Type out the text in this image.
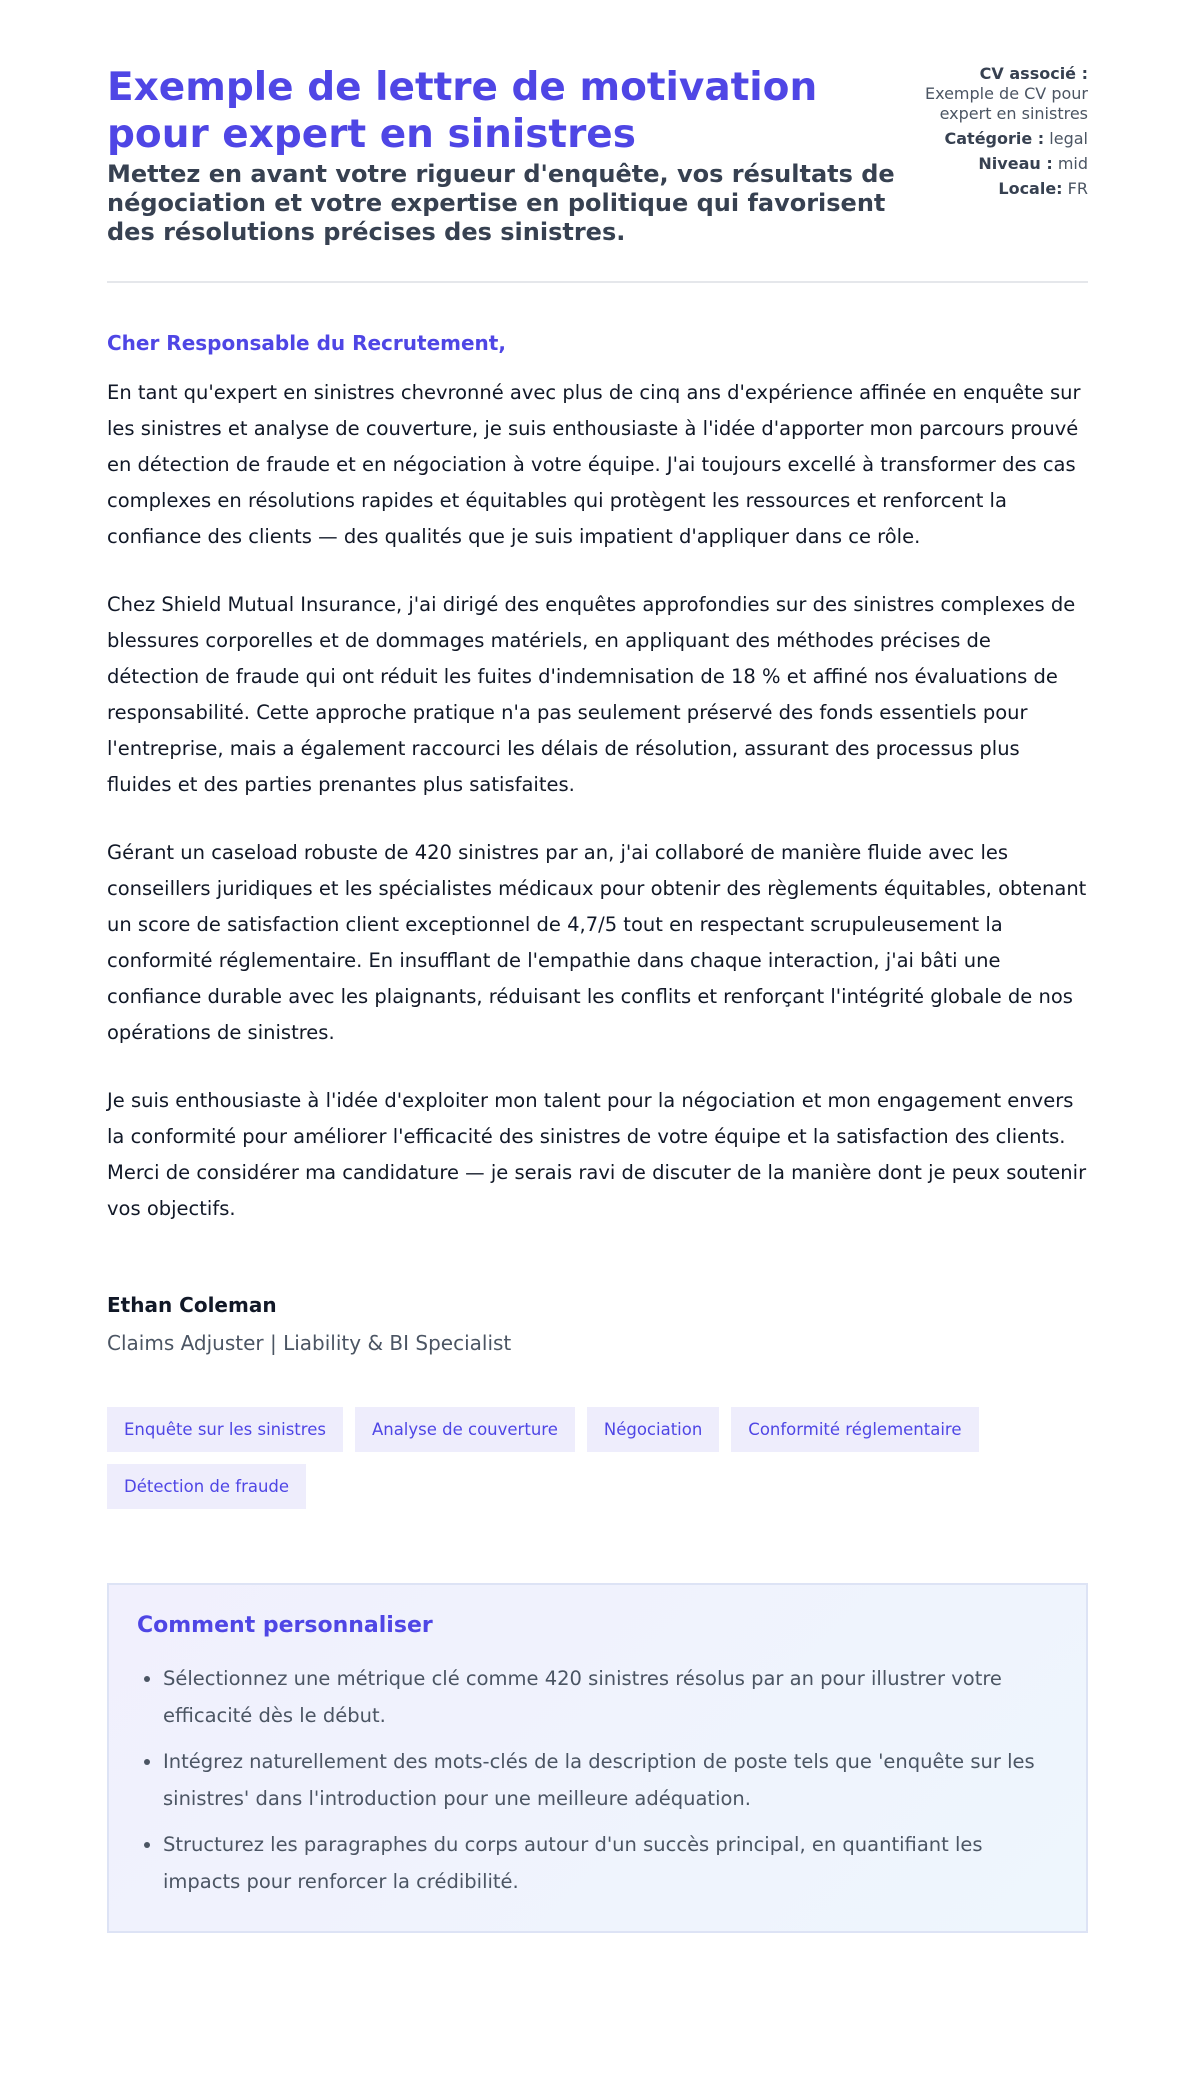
Exemple de lettre de motivation pour expert en sinistres
Mettez en avant votre rigueur d'enquête, vos résultats de négociation et votre expertise en politique qui favorisent des résolutions précises des sinistres.
CV associé :
Exemple de CV pour expert en sinistres
Catégorie : legal
Niveau : mid
Locale: FR
Cher Responsable du Recrutement,

En tant qu'expert en sinistres chevronné avec plus de cinq ans d'expérience affinée en enquête sur les sinistres et analyse de couverture, je suis enthousiaste à l'idée d'apporter mon parcours prouvé en détection de fraude et en négociation à votre équipe. J'ai toujours excellé à transformer des cas complexes en résolutions rapides et équitables qui protègent les ressources et renforcent la confiance des clients — des qualités que je suis impatient d'appliquer dans ce rôle.

Chez Shield Mutual Insurance, j'ai dirigé des enquêtes approfondies sur des sinistres complexes de blessures corporelles et de dommages matériels, en appliquant des méthodes précises de détection de fraude qui ont réduit les fuites d'indemnisation de 18 % et affiné nos évaluations de responsabilité. Cette approche pratique n'a pas seulement préservé des fonds essentiels pour l'entreprise, mais a également raccourci les délais de résolution, assurant des processus plus fluides et des parties prenantes plus satisfaites.

Gérant un caseload robuste de 420 sinistres par an, j'ai collaboré de manière fluide avec les conseillers juridiques et les spécialistes médicaux pour obtenir des règlements équitables, obtenant un score de satisfaction client exceptionnel de 4,7/5 tout en respectant scrupuleusement la conformité réglementaire. En insufflant de l'empathie dans chaque interaction, j'ai bâti une confiance durable avec les plaignants, réduisant les conflits et renforçant l'intégrité globale de nos opérations de sinistres.

Je suis enthousiaste à l'idée d'exploiter mon talent pour la négociation et mon engagement envers la conformité pour améliorer l'efficacité des sinistres de votre équipe et la satisfaction des clients. Merci de considérer ma candidature — je serais ravi de discuter de la manière dont je peux soutenir vos objectifs.

Ethan Coleman
Claims Adjuster | Liability & BI Specialist
Enquête sur les sinistres	Analyse de couverture	Négociation	Conformité réglementaire
Détection de fraude
Comment personnaliser
• Sélectionnez une métrique clé comme 420 sinistres résolus par an pour illustrer votre efficacité dès le début.
• Intégrez naturellement des mots-clés de la description de poste tels que 'enquête sur les sinistres' dans l'introduction pour une meilleure adéquation.
• Structurez les paragraphes du corps autour d'un succès principal, en quantifiant les impacts pour renforcer la crédibilité.
